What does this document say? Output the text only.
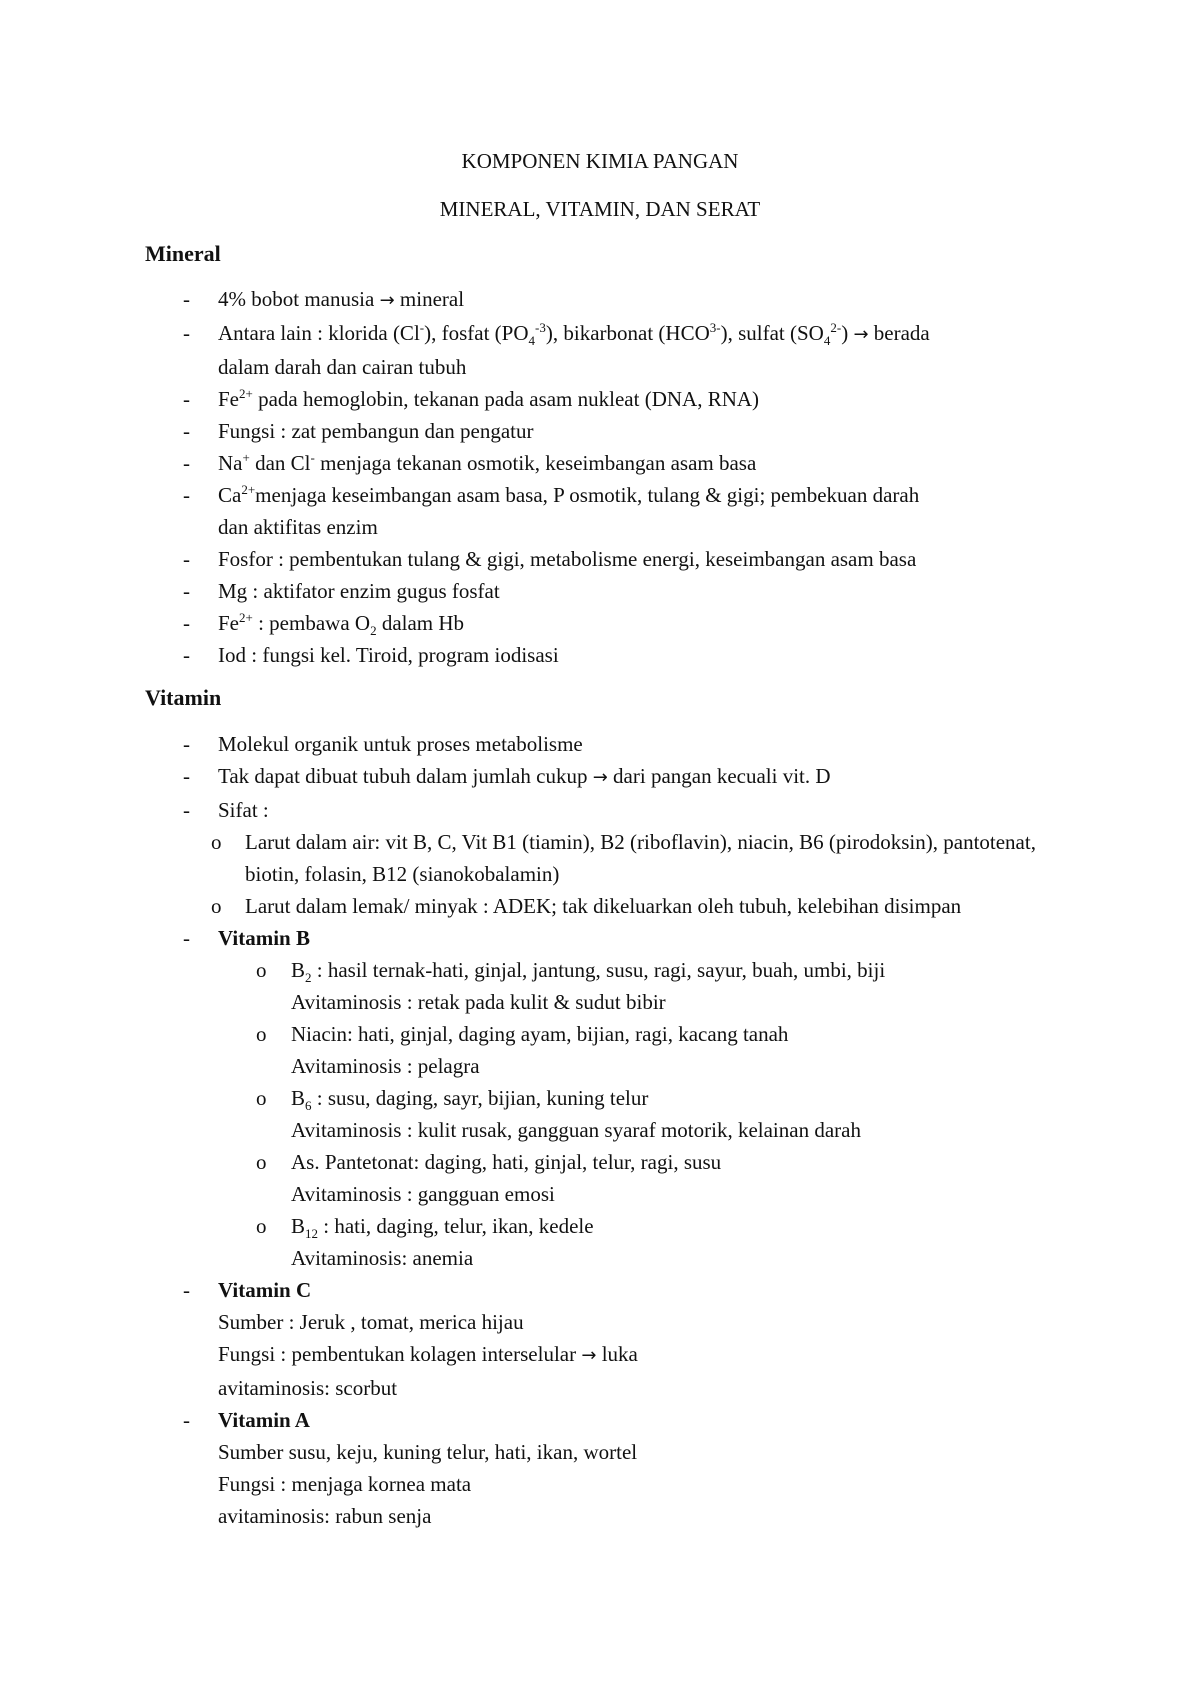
KOMPONEN KIMIA PANGAN
MINERAL, VITAMIN, DAN SERAT
Mineral
- 4% bobot manusia → mineral
- Antara lain : klorida (Cl-), fosfat $(PO_4^{-3})$, bikarbonat $(HCO^{3-})$, sulfat $(SO_4^{2-})$ → berada
dalam darah dan cairan tubuh
- $Fe^{2+}$ pada hemoglobin, tekanan pada asam nukleat (DNA, RNA)
- Fungsi : zat pembangun dan pengatur
- Na+ dan Cl- menjaga tekanan osmotik, keseimbangan asam basa
- $Ca^{2+}menjaga$ keseimbangan asam basa, P osmotik, tulang & gigi; pembekuan darah
dan aktifitas enzim
- Fosfor : pembentukan tulang & gigi, metabolisme energi, keseimbangan asam basa
- Mg : aktifator enzim gugus fosfat
- $Fe^{2+}$ : pembawa $O_2$ dalam Hb
- Iod : fungsi kel. Tiroid, program iodisasi
Vitamin
- Molekul organik untuk proses metabolisme
- Tak dapat dibuat tubuh dalam jumlah cukup → dari pangan kecuali vit. D
- Sifat :
o Larut dalam air: vit B, C, Vit B1 (tiamin), B2 (riboflavin), niacin, B6 (pirodoksin), pantotenat, biotin, folasin, B12 (sianokobalamin)
o Larut dalam lemak/ minyak : ADEK; tak dikeluarkan oleh tubuh, kelebihan disimpan
- Vitamin B
o $B_2$ : hasil ternak-hati, ginjal, jantung, susu, ragi, sayur, buah, umbi, biji
Avitaminosis : retak pada kulit & sudut bibir
o Niacin: hati, ginjal, daging ayam, bijian, ragi, kacang tanah
Avitaminosis : pelagra
o $B_6$ : susu, daging, sayr, bijian, kuning telur
Avitaminosis : kulit rusak, gangguan syaraf motorik, kelainan darah
o As. Pantetonat: daging, hati, ginjal, telur, ragi, susu
Avitaminosis : gangguan emosi
o $B_{12}$ : hati, daging, telur, ikan, kedele
Avitaminosis: anemia
- Vitamin C
Sumber : Jeruk , tomat, merica hijau
Fungsi : pembentukan kolagen interselular → luka
avitaminosis: scorbut
- Vitamin A
Sumber susu, keju, kuning telur, hati, ikan, wortel
Fungsi : menjaga kornea mata
avitaminosis: rabun senja
